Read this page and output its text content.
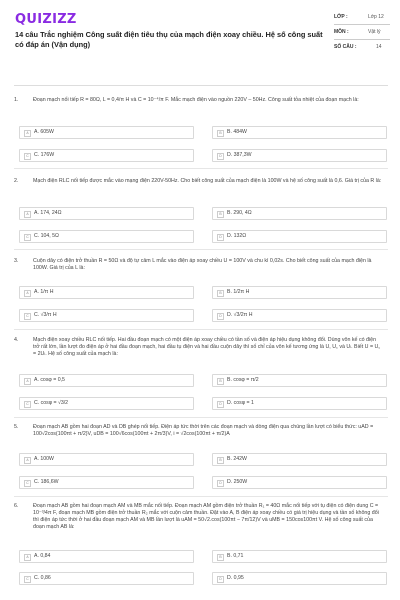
QUIZIZZ
14 câu Trắc nghiệm Công suất điện tiêu thụ của mạch điện xoay chiều. Hệ số công suất có đáp án (Vận dụng)
LỚP :	Lớp 12
MÔN :	Vật lý
SỐ CÂU :	14
1.	Đoạn mạch nối tiếp R = 80Ω, L = 0,4/π H và C = 10⁻⁴/π F. Mắc mạch điện vào nguồn 220V – 50Hz. Công suất tỏa nhiệt của đoạn mạch là:
A	A. 605W	B	B. 484W
C	C. 176W	D	D. 387,3W
2.	Mạch điện RLC nối tiếp được mắc vào mạng điện 220V-50Hz. Cho biết công suất của mạch điện là 100W và hệ số công suất là 0,6. Giá trị của R là:
A	A. 174, 24Ω	B	B. 290, 4Ω
C	C. 104, 5Ω	D	D. 132Ω
3.	Cuộn dây có điện trở thuần R = 50Ω và độ tự cảm L mắc vào điện áp xoay chiều U = 100V và chu kì 0,02s. Cho biết công suất của mạch điện là 100W. Giá trị của L là:
A	A. 1/π H	B	B. 1/2π H
C	C. √3/π H	D	D. √3/2π H
4.	Mạch điện xoay chiều RLC nối tiếp. Hai đầu đoạn mạch có một điện áp xoay chiều có tần số và điện áp hiệu dụng không đổi. Dùng vôn kế có điện trở rất lớn, lần lượt đo điện áp ở hai đầu đoạn mạch, hai đầu tụ điện và hai đầu cuộn dây thì số chỉ của vôn kế tương ứng là U, U꜀ và Uₗ. Biết U = U꜀ = 2Uₗ. Hệ số công suất của mạch là:
A	A. cosφ = 0,5	B	B. cosφ = π/2
C	C. cosφ = √3/2	D	D. cosφ = 1
5.	Đoạn mạch AB gồm hai đoạn AD và DB ghép nối tiếp. Điện áp tức thời trên các đoạn mạch và dòng điện qua chúng lần lượt có biểu thức: uAD = 100√2cos(100πt + π/2)V, uDB = 100√6cos(100πt + 2π/3)V, i = √2cos(100πt + π/2)A
A	A. 100W	B	B. 242W
C	C. 186,6W	D	D. 250W
6.	Đoạn mạch AB gồm hai đoạn mạch AM và MB mắc nối tiếp. Đoạn mạch AM gồm điện trở thuần R₁ = 40Ω mắc nối tiếp với tụ điện có điện dung C = 10⁻³/4π F, đoạn mạch MB gồm điện trở thuần R₂ mắc với cuộn cảm thuần. Đặt vào A, B điện áp xoay chiều có giá trị hiệu dụng và tần số không đổi thì điện áp tức thời ở hai đầu đoạn mạch AM và MB lần lượt là uAM = 50√2.cos(100πt − 7π/12)V và uMB = 150cos100πt V. Hệ số công suất của đoạn mạch AB là:
A	A. 0,84	B	B. 0,71
C	C. 0,86	D	D. 0,95
